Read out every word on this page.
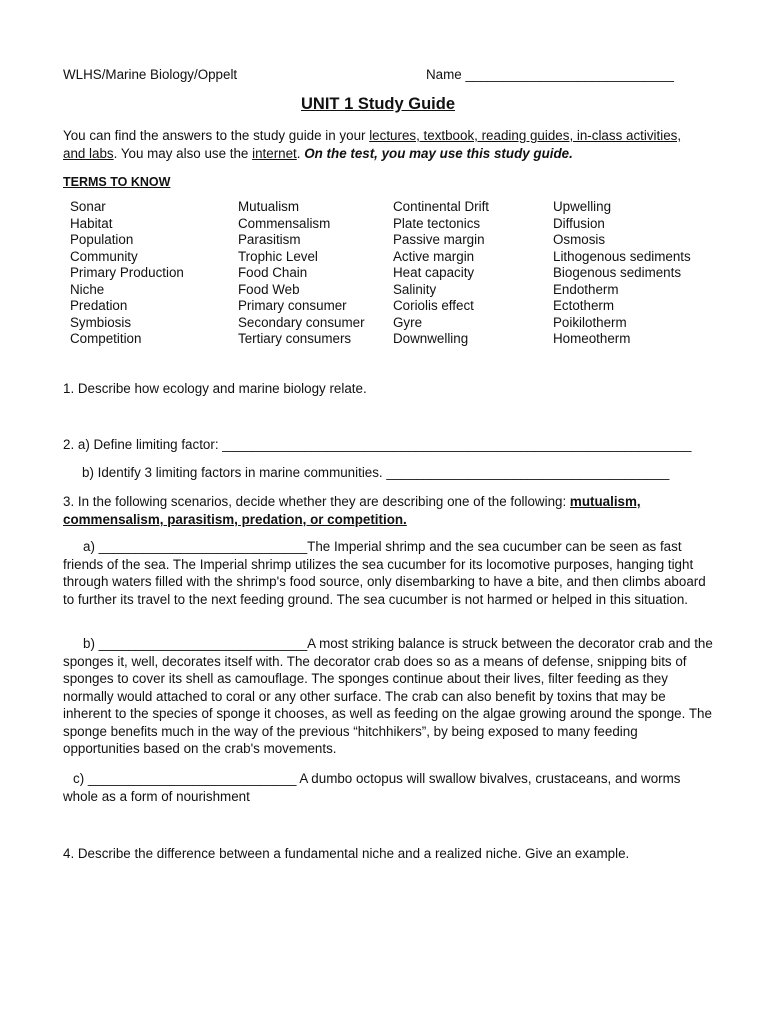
WLHS/Marine Biology/Oppelt	Name ____________________________
UNIT 1 Study Guide
You can find the answers to the study guide in your lectures, textbook, reading guides, in-class activities,
and labs. You may also use the internet. On the test, you may use this study guide.
TERMS TO KNOW
Sonar
Habitat
Population
Community
Primary Production
Niche
Predation
Symbiosis
Competition
Mutualism
Commensalism
Parasitism
Trophic Level
Food Chain
Food Web
Primary consumer
Secondary consumer
Tertiary consumers
Continental Drift
Plate tectonics
Passive margin
Active margin
Heat capacity
Salinity
Coriolis effect
Gyre
Downwelling
Upwelling
Diffusion
Osmosis
Lithogenous sediments
Biogenous sediments
Endotherm
Ectotherm
Poikilotherm
Homeotherm
1. Describe how ecology and marine biology relate.
2. a) Define limiting factor: _______________________________________________________________
b) Identify 3 limiting factors in marine communities. ______________________________________
3. In the following scenarios, decide whether they are describing one of the following: mutualism,
commensalism, parasitism, predation, or competition.
a) ____________________________The Imperial shrimp and the sea cucumber can be seen as fast friends of the sea. The Imperial shrimp utilizes the sea cucumber for its locomotive purposes, hanging tight through waters filled with the shrimp's food source, only disembarking to have a bite, and then climbs aboard to further its travel to the next feeding ground. The sea cucumber is not harmed or helped in this situation.
b) ____________________________A most striking balance is struck between the decorator crab and the sponges it, well, decorates itself with. The decorator crab does so as a means of defense, snipping bits of sponges to cover its shell as camouflage. The sponges continue about their lives, filter feeding as they normally would attached to coral or any other surface. The crab can also benefit by toxins that may be inherent to the species of sponge it chooses, as well as feeding on the algae growing around the sponge. The sponge benefits much in the way of the previous “hitchhikers”, by being exposed to many feeding opportunities based on the crab's movements.
c) ____________________________ A dumbo octopus will swallow bivalves, crustaceans, and worms whole as a form of nourishment
4. Describe the difference between a fundamental niche and a realized niche. Give an example.
